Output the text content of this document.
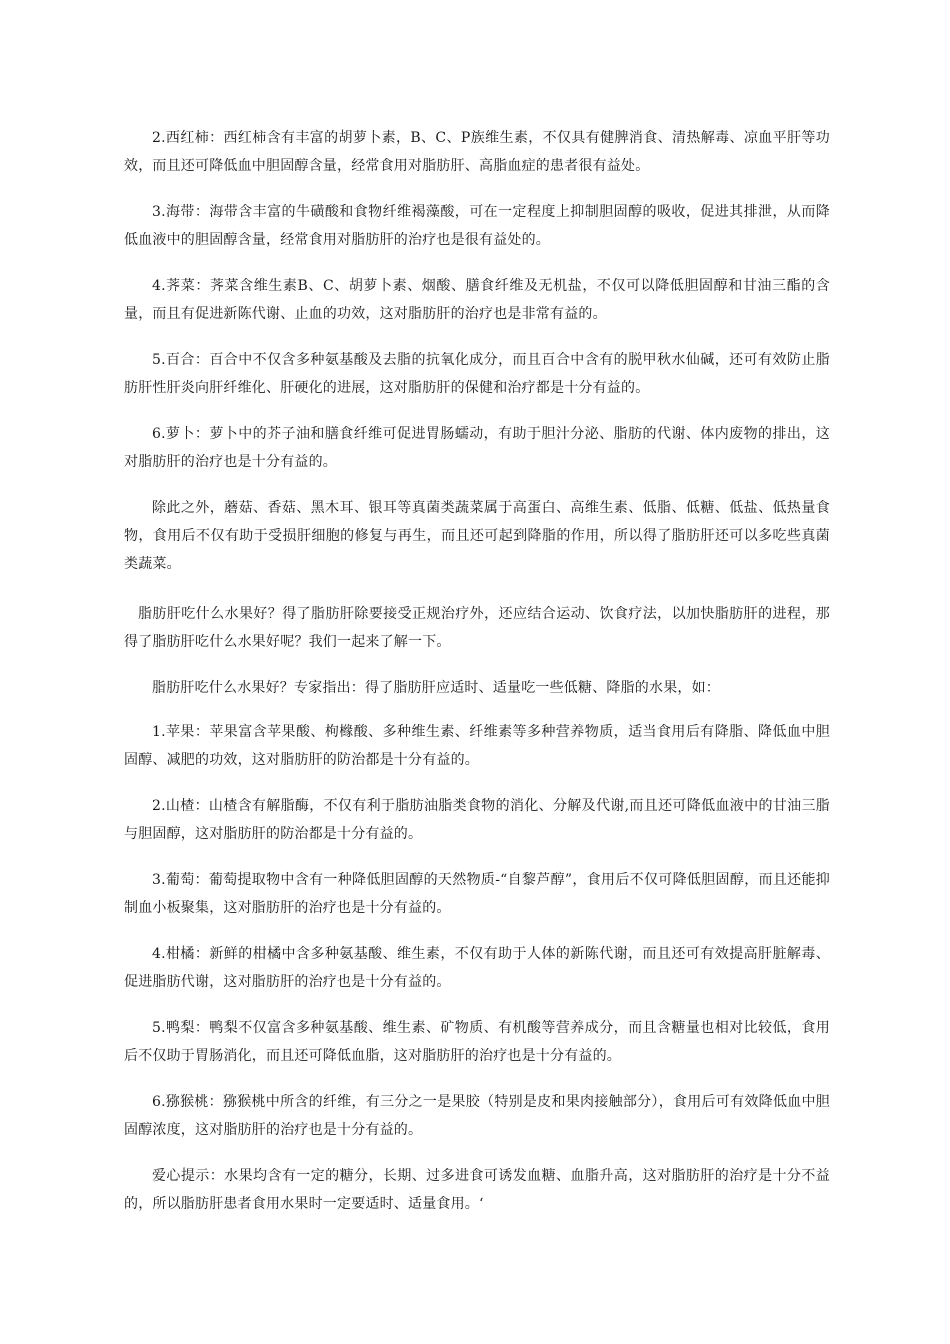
2.西红柿：西红柿含有丰富的胡萝卜素，B、C、P族维生素，不仅具有健脾消食、清热解毒、凉血平肝等功效，而且还可降低血中胆固醇含量，经常食用对脂肪肝、高脂血症的患者很有益处。

3.海带：海带含丰富的牛磺酸和食物纤维褐藻酸，可在一定程度上抑制胆固醇的吸收，促进其排泄，从而降低血液中的胆固醇含量，经常食用对脂肪肝的治疗也是很有益处的。

4.荠菜：荠菜含维生素B、C、胡萝卜素、烟酸、膳食纤维及无机盐，不仅可以降低胆固醇和甘油三酯的含量，而且有促进新陈代谢、止血的功效，这对脂肪肝的治疗也是非常有益的。

5.百合：百合中不仅含多种氨基酸及去脂的抗氧化成分，而且百合中含有的脱甲秋水仙碱，还可有效防止脂肪肝性肝炎向肝纤维化、肝硬化的进展，这对脂肪肝的保健和治疗都是十分有益的。

6.萝卜：萝卜中的芥子油和膳食纤维可促进胃肠蠕动，有助于胆汁分泌、脂肪的代谢、体内废物的排出，这对脂肪肝的治疗也是十分有益的。

除此之外，蘑菇、香菇、黑木耳、银耳等真菌类蔬菜属于高蛋白、高维生素、低脂、低糖、低盐、低热量食物，食用后不仅有助于受损肝细胞的修复与再生，而且还可起到降脂的作用，所以得了脂肪肝还可以多吃些真菌类蔬菜。

脂肪肝吃什么水果好？得了脂肪肝除要接受正规治疗外，还应结合运动、饮食疗法，以加快脂肪肝的进程，那得了脂肪肝吃什么水果好呢？我们一起来了解一下。

脂肪肝吃什么水果好？专家指出：得了脂肪肝应适时、适量吃一些低糖、降脂的水果，如：

1.苹果：苹果富含苹果酸、枸橼酸、多种维生素、纤维素等多种营养物质，适当食用后有降脂、降低血中胆固醇、减肥的功效，这对脂肪肝的防治都是十分有益的。

2.山楂：山楂含有解脂酶，不仅有利于脂肪油脂类食物的消化、分解及代谢,而且还可降低血液中的甘油三脂与胆固醇，这对脂肪肝的防治都是十分有益的。

3.葡萄：葡萄提取物中含有一种降低胆固醇的天然物质-“自黎芦醇”，食用后不仅可降低胆固醇，而且还能抑制血小板聚集，这对脂肪肝的治疗也是十分有益的。

4.柑橘：新鲜的柑橘中含多种氨基酸、维生素，不仅有助于人体的新陈代谢，而且还可有效提高肝脏解毒、促进脂肪代谢，这对脂肪肝的治疗也是十分有益的。

5.鸭梨：鸭梨不仅富含多种氨基酸、维生素、矿物质、有机酸等营养成分，而且含糖量也相对比较低，食用后不仅助于胃肠消化，而且还可降低血脂，这对脂肪肝的治疗也是十分有益的。

6.猕猴桃：猕猴桃中所含的纤维，有三分之一是果胶（特别是皮和果肉接触部分），食用后可有效降低血中胆固醇浓度，这对脂肪肝的治疗也是十分有益的。

爱心提示：水果均含有一定的糖分，长期、过多进食可诱发血糖、血脂升高，这对脂肪肝的治疗是十分不益的，所以脂肪肝患者食用水果时一定要适时、适量食用。‘
